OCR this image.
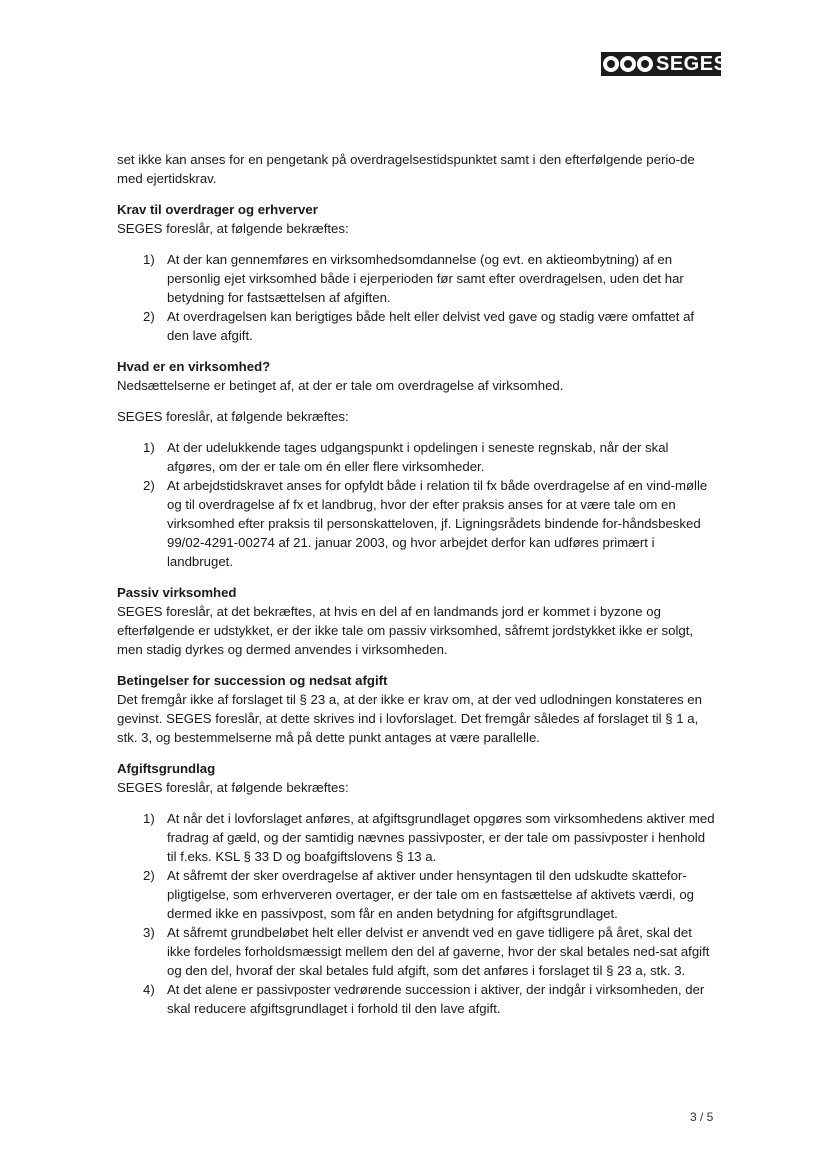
SEGES

set ikke kan anses for en pengetank på overdragelsestidspunktet samt i den efterfølgende perio-de med ejertidskrav.

Krav til overdrager og erhverver

SEGES foreslår, at følgende bekræftes:

1) At der kan gennemføres en virksomhedsomdannelse (og evt. en aktieombytning) af en personlig ejet virksomhed både i ejerperioden før samt efter overdragelsen, uden det har betydning for fastsættelsen af afgiften.
2) At overdragelsen kan berigtiges både helt eller delvist ved gave og stadig være omfattet af den lave afgift.

Hvad er en virksomhed?

Nedsættelserne er betinget af, at der er tale om overdragelse af virksomhed.

SEGES foreslår, at følgende bekræftes:

1) At der udelukkende tages udgangspunkt i opdelingen i seneste regnskab, når der skal afgøres, om der er tale om én eller flere virksomheder.
2) At arbejdstidskravet anses for opfyldt både i relation til fx både overdragelse af en vind-mølle og til overdragelse af fx et landbrug, hvor der efter praksis anses for at være tale om en virksomhed efter praksis til personskatteloven, jf. Ligningsrådets bindende for-håndsbesked 99/02-4291-00274 af 21. januar 2003, og hvor arbejdet derfor kan udføres primært i landbruget.

Passiv virksomhed

SEGES foreslår, at det bekræftes, at hvis en del af en landmands jord er kommet i byzone og efterfølgende er udstykket, er der ikke tale om passiv virksomhed, såfremt jordstykket ikke er solgt, men stadig dyrkes og dermed anvendes i virksomheden.

Betingelser for succession og nedsat afgift

Det fremgår ikke af forslaget til § 23 a, at der ikke er krav om, at der ved udlodningen konstateres en gevinst. SEGES foreslår, at dette skrives ind i lovforslaget. Det fremgår således af forslaget til § 1 a, stk. 3, og bestemmelserne må på dette punkt antages at være parallelle.

Afgiftsgrundlag

SEGES foreslår, at følgende bekræftes:

1) At når det i lovforslaget anføres, at afgiftsgrundlaget opgøres som virksomhedens aktiver med fradrag af gæld, og der samtidig nævnes passivposter, er der tale om passivposter i henhold til f.eks. KSL § 33 D og boafgiftslovens § 13 a.
2) At såfremt der sker overdragelse af aktiver under hensyntagen til den udskudte skattefor-pligtigelse, som erhververen overtager, er der tale om en fastsættelse af aktivets værdi, og dermed ikke en passivpost, som får en anden betydning for afgiftsgrundlaget.
3) At såfremt grundbeløbet helt eller delvist er anvendt ved en gave tidligere på året, skal det ikke fordeles forholdsmæssigt mellem den del af gaverne, hvor der skal betales ned-sat afgift og den del, hvoraf der skal betales fuld afgift, som det anføres i forslaget til § 23 a, stk. 3.
4) At det alene er passivposter vedrørende succession i aktiver, der indgår i virksomheden, der skal reducere afgiftsgrundlaget i forhold til den lave afgift.
3 / 5
